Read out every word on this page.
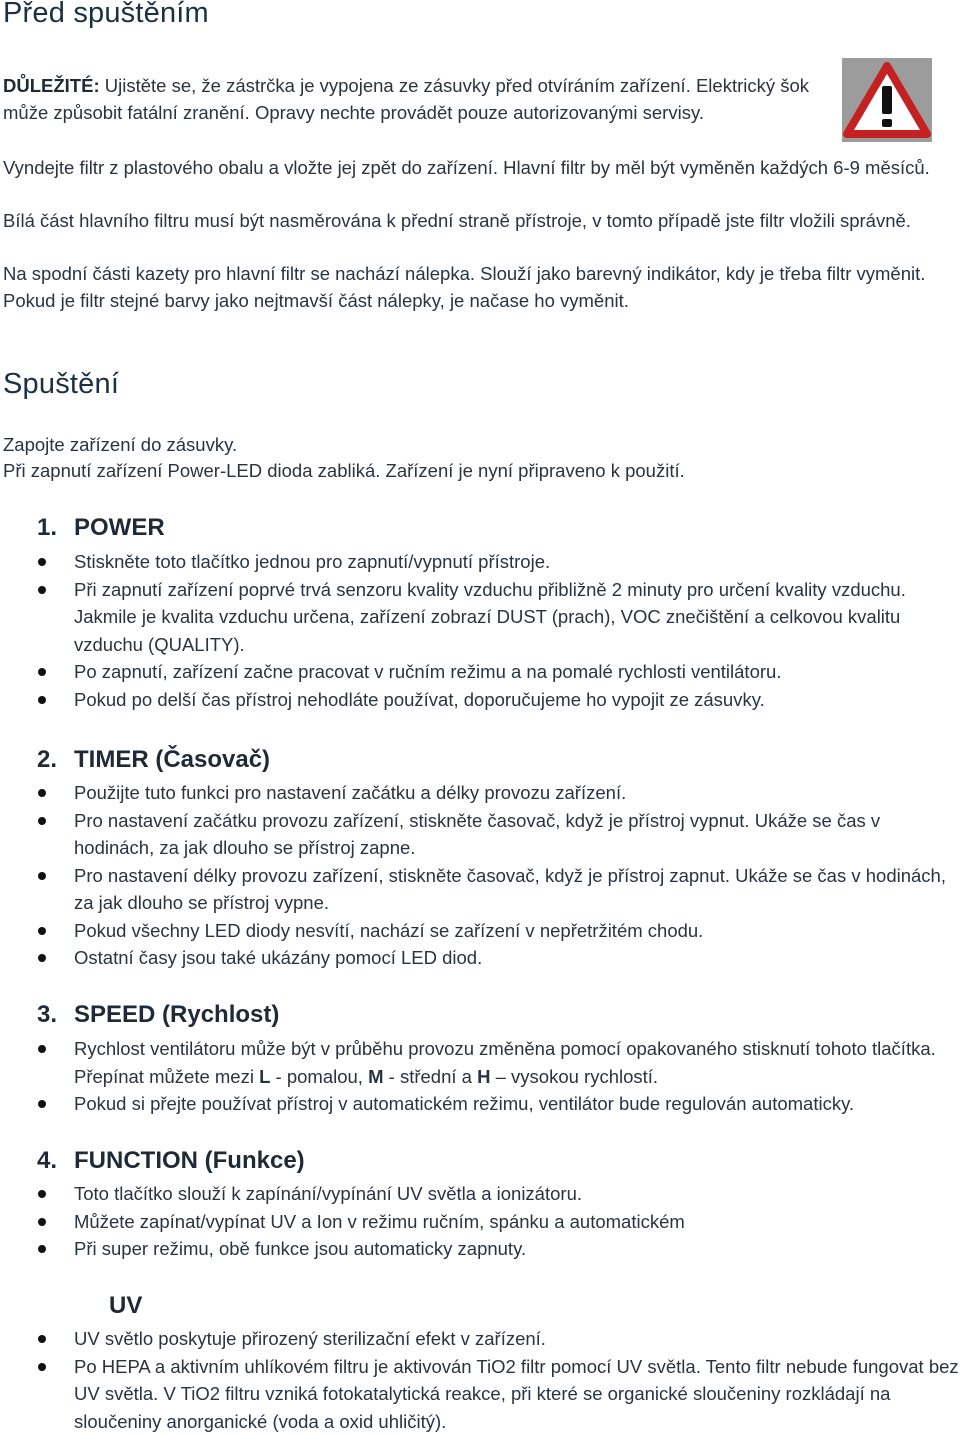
Před spuštěním

DŮLEŽITÉ: Ujistěte se, že zástrčka je vypojena ze zásuvky před otvíráním zařízení. Elektrický šok může způsobit fatální zranění. Opravy nechte provádět pouze autorizovanými servisy.

Vyndejte filtr z plastového obalu a vložte jej zpět do zařízení. Hlavní filtr by měl být vyměněn každých 6-9 měsíců.

Bílá část hlavního filtru musí být nasměrována k přední straně přístroje, v tomto případě jste filtr vložili správně.

Na spodní části kazety pro hlavní filtr se nachází nálepka. Slouží jako barevný indikátor, kdy je třeba filtr vyměnit. Pokud je filtr stejné barvy jako nejtmavší část nálepky, je načase ho vyměnit.

Spuštění

Zapojte zařízení do zásuvky.

Při zapnutí zařízení Power-LED dioda zabliká. Zařízení je nyní připraveno k použití.

1. POWER
Stiskněte toto tlačítko jednou pro zapnutí/vypnutí přístroje.
Při zapnutí zařízení poprvé trvá senzoru kvality vzduchu přibližně 2 minuty pro určení kvality vzduchu. Jakmile je kvalita vzduchu určena, zařízení zobrazí DUST (prach), VOC znečištění a celkovou kvalitu vzduchu (QUALITY).
Po zapnutí, zařízení začne pracovat v ručním režimu a na pomalé rychlosti ventilátoru.
Pokud po delší čas přístroj nehodláte používat, doporučujeme ho vypojit ze zásuvky.
2. TIMER (Časovač)
Použijte tuto funkci pro nastavení začátku a délky provozu zařízení.
Pro nastavení začátku provozu zařízení, stiskněte časovač, když je přístroj vypnut. Ukáže se čas v hodinách, za jak dlouho se přístroj zapne.
Pro nastavení délky provozu zařízení, stiskněte časovač, když je přístroj zapnut. Ukáže se čas v hodinách, za jak dlouho se přístroj vypne.
Pokud všechny LED diody nesvítí, nachází se zařízení v nepřetržitém chodu.
Ostatní časy jsou také ukázány pomocí LED diod.
3. SPEED (Rychlost)
Rychlost ventilátoru může být v průběhu provozu změněna pomocí opakovaného stisknutí tohoto tlačítka. Přepínat můžete mezi L - pomalou, M - střední a H – vysokou rychlostí.
Pokud si přejte používat přístroj v automatickém režimu, ventilátor bude regulován automaticky.
4. FUNCTION (Funkce)
Toto tlačítko slouží k zapínání/vypínání UV světla a ionizátoru.
Můžete zapínat/vypínat UV a Ion v režimu ručním, spánku a automatickém
Při super režimu, obě funkce jsou automaticky zapnuty.
UV
UV světlo poskytuje přirozený sterilizační efekt v zařízení.
Po HEPA a aktivním uhlíkovém filtru je aktivován TiO2 filtr pomocí UV světla. Tento filtr nebude fungovat bez UV světla. V TiO2 filtru vzniká fotokatalytická reakce, při které se organické sloučeniny rozkládají na sloučeniny anorganické (voda a oxid uhličitý).
